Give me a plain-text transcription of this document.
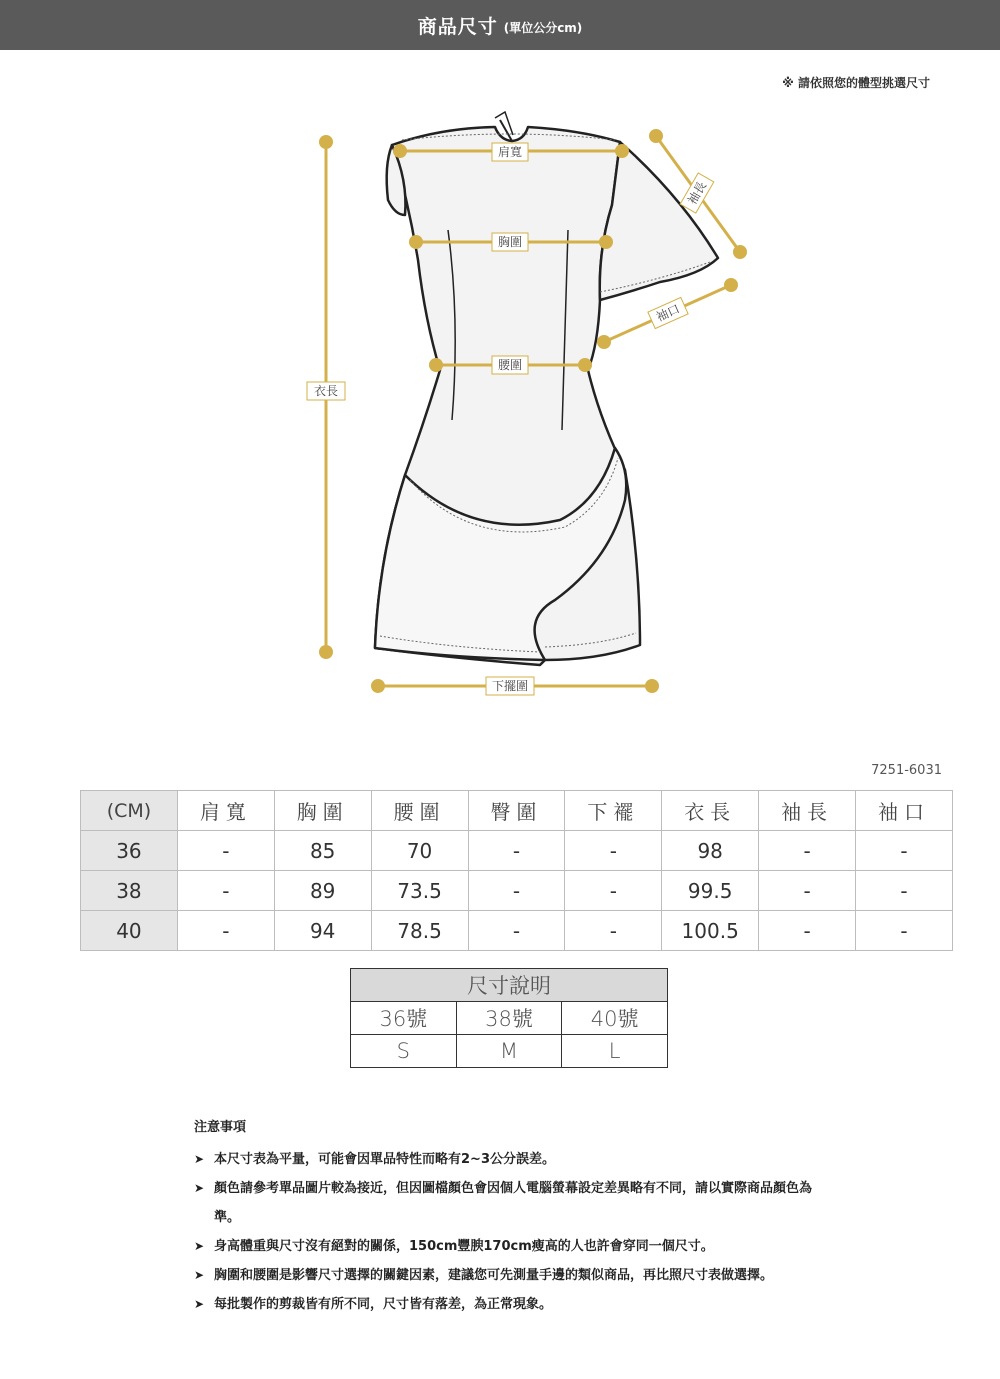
商品尺寸 (單位公分cm)
※ 請依照您的體型挑選尺寸
肩寬
胸圍
腰圍
衣長
袖長
袖口
下擺圍
7251-6031
(CM)	肩寬	胸圍	腰圍	臀圍	下襬	衣長	袖長	袖口
36	-	85	70	-	-	98	-	-
38	-	89	73.5	-	-	99.5	-	-
40	-	94	78.5	-	-	100.5	-	-
尺寸說明		
36號	38號	40號
S	M	L
注意事項
➤ 本尺寸表為平量，可能會因單品特性而略有2~3公分誤差。
➤ 顏色請參考單品圖片較為接近，但因圖檔顏色會因個人電腦螢幕設定差異略有不同，請以實際商品顏色為準。
➤ 身高體重與尺寸沒有絕對的關係，150cm豐腴170cm瘦高的人也許會穿同一個尺寸。
➤ 胸圍和腰圍是影響尺寸選擇的關鍵因素，建議您可先測量手邊的類似商品，再比照尺寸表做選擇。
➤ 每批製作的剪裁皆有所不同，尺寸皆有落差，為正常現象。
